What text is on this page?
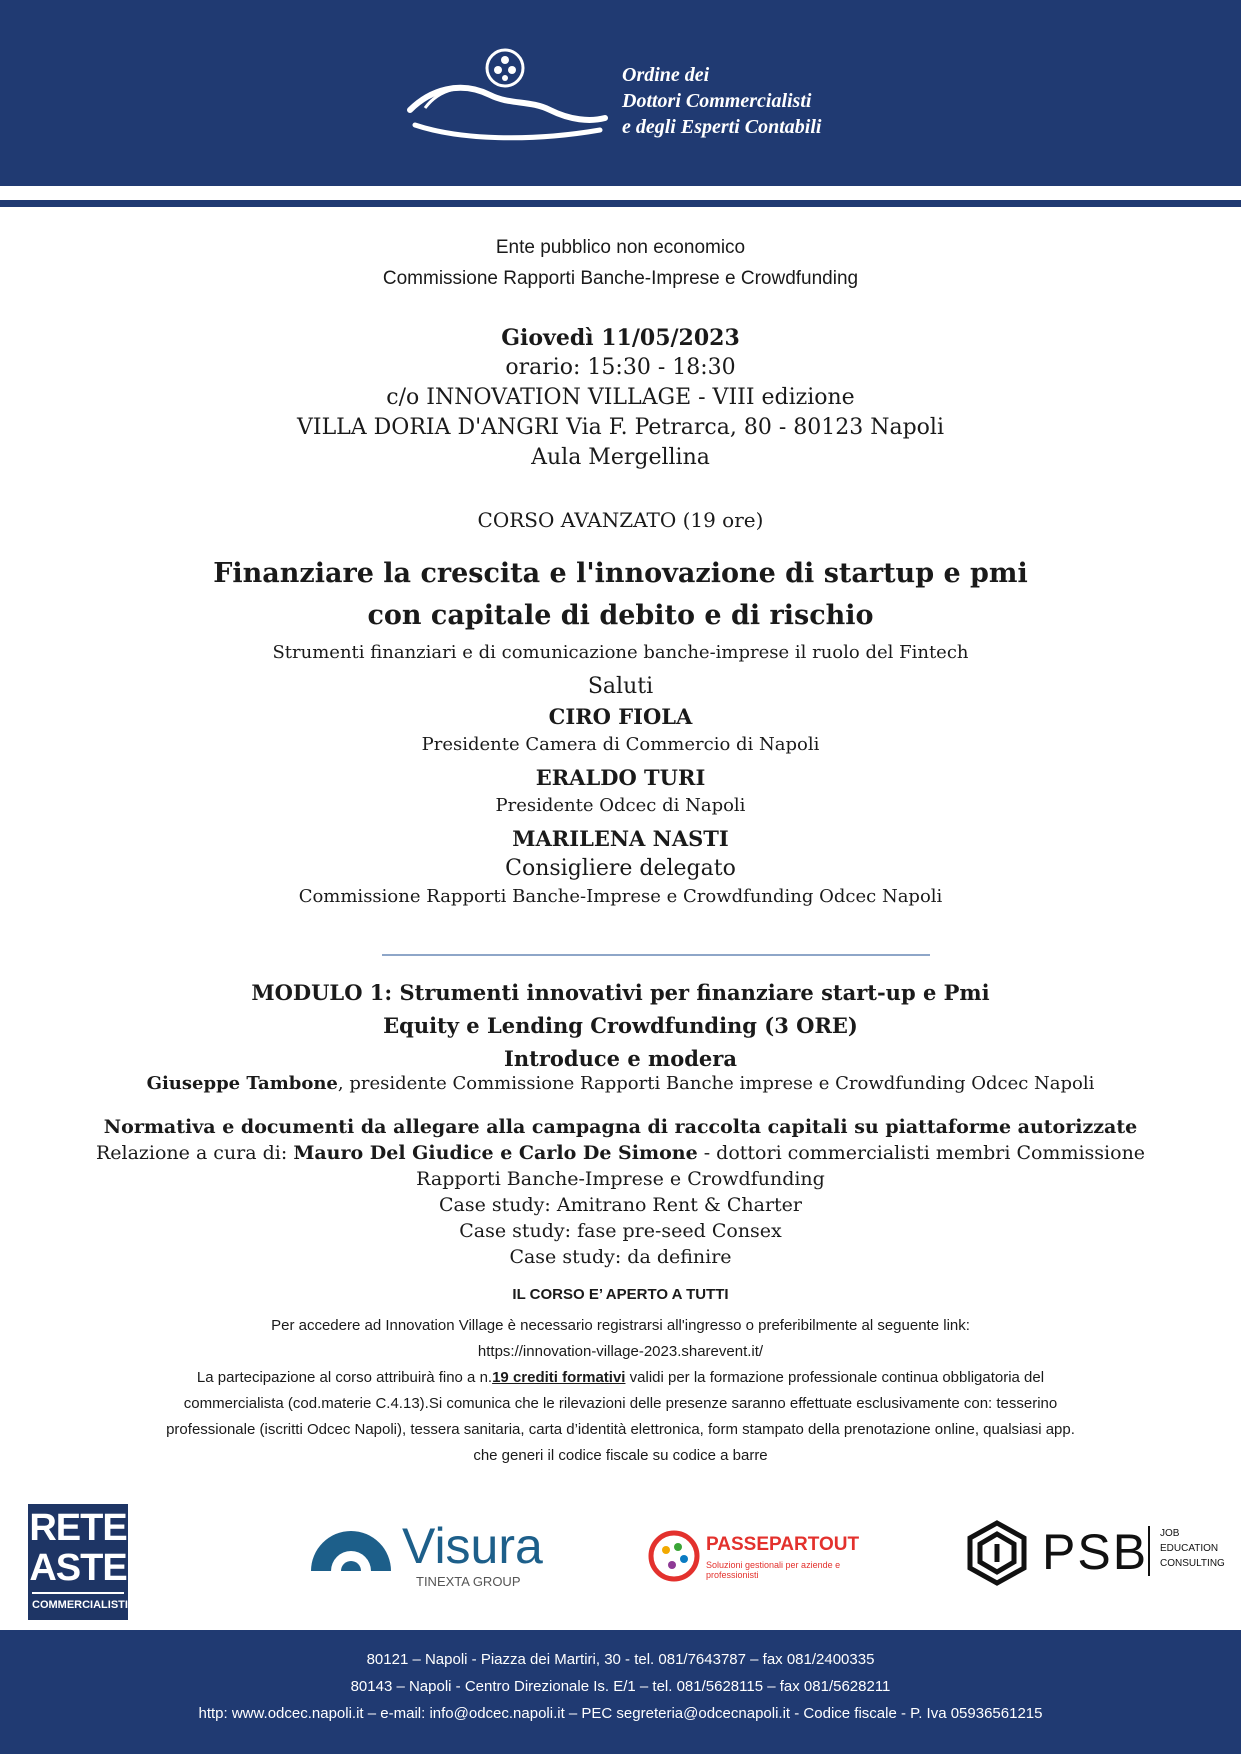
Ordine dei
Dottori Commercialisti
e degli Esperti Contabili
Ente pubblico non economico
Commissione Rapporti Banche-Imprese e Crowdfunding
Giovedì 11/05/2023
orario: 15:30 - 18:30
c/o INNOVATION VILLAGE - VIII edizione
VILLA DORIA D'ANGRI Via F. Petrarca, 80 - 80123 Napoli
Aula Mergellina
CORSO AVANZATO (19 ore)
Finanziare la crescita e l'innovazione di startup e pmi
con capitale di debito e di rischio
Strumenti finanziari e di comunicazione banche-imprese il ruolo del Fintech
Saluti
CIRO FIOLA
Presidente Camera di Commercio di Napoli
ERALDO TURI
Presidente Odcec di Napoli
MARILENA NASTI
Consigliere delegato
Commissione Rapporti Banche-Imprese e Crowdfunding Odcec Napoli
MODULO 1: Strumenti innovativi per finanziare start-up e Pmi
Equity e Lending Crowdfunding (3 ORE)
Introduce e modera
Giuseppe Tambone, presidente Commissione Rapporti Banche imprese e Crowdfunding Odcec Napoli
Normativa e documenti da allegare alla campagna di raccolta capitali su piattaforme autorizzate
Relazione a cura di: Mauro Del Giudice e Carlo De Simone - dottori commercialisti membri Commissione
Rapporti Banche-Imprese e Crowdfunding
Case study: Amitrano Rent & Charter
Case study: fase pre-seed Consex
Case study: da definire
IL CORSO E’ APERTO A TUTTI
Per accedere ad Innovation Village è necessario registrarsi all'ingresso o preferibilmente al seguente link:
https://innovation-village-2023.sharevent.it/
La partecipazione al corso attribuirà fino a n.19 crediti formativi validi per la formazione professionale continua obbligatoria del
commercialista (cod.materie C.4.13).Si comunica che le rilevazioni delle presenze saranno effettuate esclusivamente con: tesserino
professionale (iscritti Odcec Napoli), tessera sanitaria, carta d’identità elettronica, form stampato della prenotazione online, qualsiasi app.
che generi il codice fiscale su codice a barre
RETE
ASTE
COMMERCIALISTI
Visura
TINEXTA GROUP
PASSEPARTOUT
Soluzioni gestionali per aziende e professionisti	PSB JOB
EDUCATION
CONSULTING
80121 – Napoli - Piazza dei Martiri, 30 - tel. 081/7643787 – fax 081/2400335
80143 – Napoli - Centro Direzionale Is. E/1 – tel. 081/5628115 – fax 081/5628211
http: www.odcec.napoli.it – e-mail: info@odcec.napoli.it – PEC segreteria@odcecnapoli.it - Codice fiscale - P. Iva 05936561215
